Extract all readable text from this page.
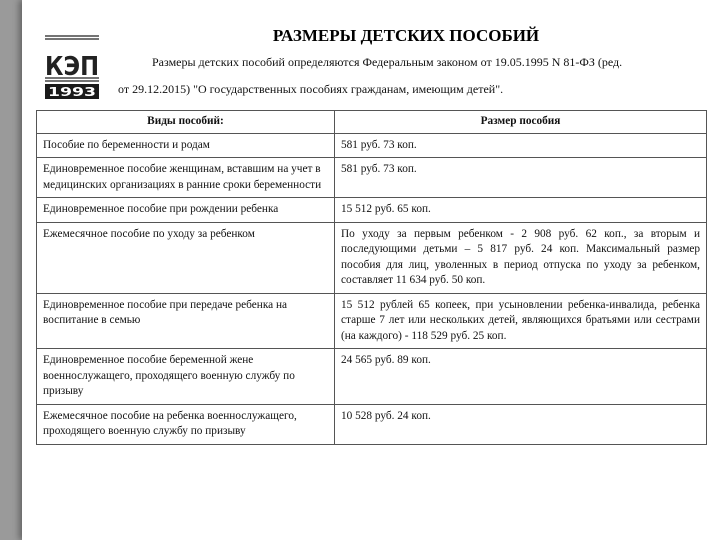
КЭП
1993
РАЗМЕРЫ ДЕТСКИХ ПОСОБИЙ
Размеры детских пособий определяются Федеральным законом от 19.05.1995 N 81-ФЗ (ред.
от 29.12.2015) "О государственных пособиях гражданам, имеющим детей".
Виды пособий:	Размер пособия
Пособие по беременности и родам	581 руб. 73 коп.
Единовременное пособие женщинам, вставшим на учет в медицинских организациях в ранние сроки беременности	581 руб. 73 коп.
Единовременное пособие при рождении ребенка	15 512 руб. 65 коп.
Ежемесячное пособие по уходу за ребенком	По уходу за первым ребенком - 2 908 руб. 62 коп., за вторым и последующими детьми – 5 817 руб. 24 коп. Максимальный размер пособия для лиц, уволенных в период отпуска по уходу за ребенком, составляет 11 634 руб. 50 коп.
Единовременное пособие при передаче ребенка на воспитание в семью	15 512 рублей 65 копеек, при усыновлении ребенка-инвалида, ребенка старше 7 лет или нескольких детей, являющихся братьями или сестрами (на каждого) - 118 529 руб. 25 коп.
Единовременное пособие беременной жене военнослужащего, проходящего военную службу по призыву	24 565 руб. 89 коп.
Ежемесячное пособие на ребенка военнослужащего, проходящего военную службу по призыву	10 528 руб. 24 коп.
